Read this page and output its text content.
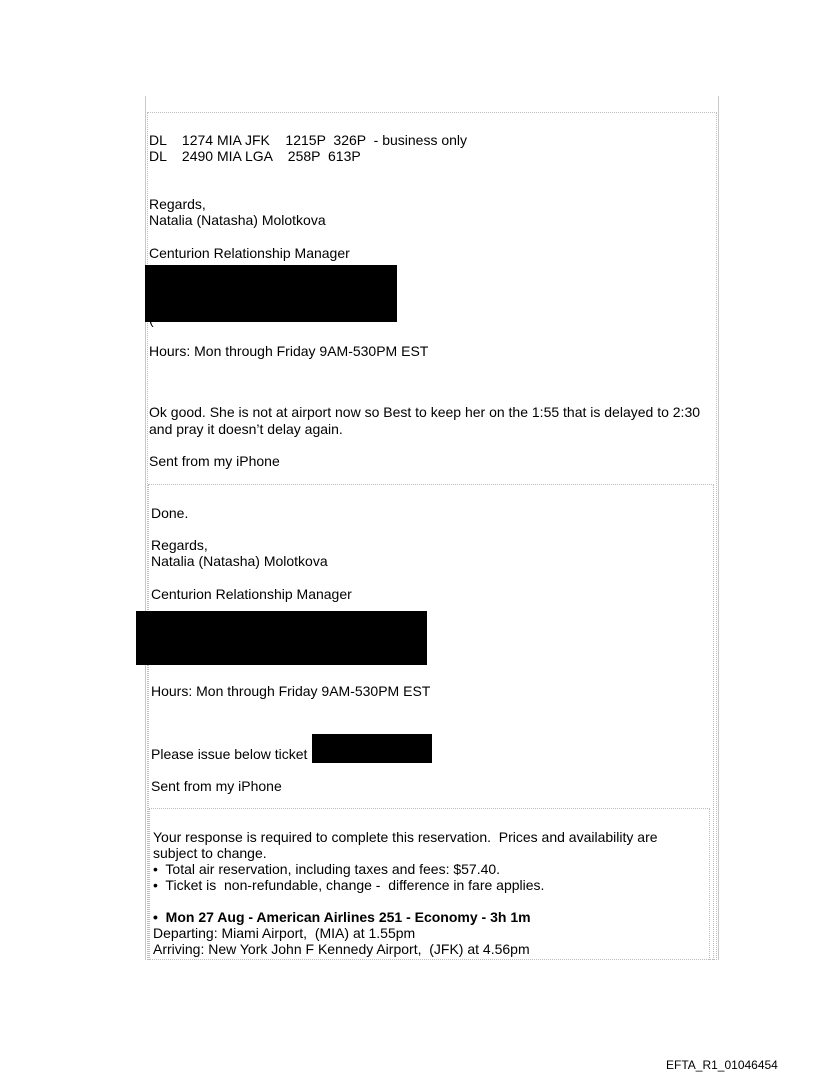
DL    1274 MIA JFK    1215P  326P  - business only

DL    2490 MIA LGA    258P  613P

Regards,

Natalia (Natasha) Molotkova

Centurion Relationship Manager

Hours: Mon through Friday 9AM-530PM EST

Ok good. She is not at airport now so Best to keep her on the 1:55 that is delayed to 2:30

and pray it doesn’t delay again.

Sent from my iPhone

Done.

Regards,

Natalia (Natasha) Molotkova

Centurion Relationship Manager

Hours: Mon through Friday 9AM-530PM EST

Please issue below ticket

Sent from my iPhone

Your response is required to complete this reservation.  Prices and availability are

subject to change.

•  Total air reservation, including taxes and fees: $57.40.

•  Ticket is  non-refundable, change -  difference in fare applies.

•  Mon 27 Aug - American Airlines 251 - Economy - 3h 1m

Departing: Miami Airport,  (MIA) at 1.55pm

Arriving: New York John F Kennedy Airport,  (JFK) at 4.56pm

EFTA_R1_01046454
